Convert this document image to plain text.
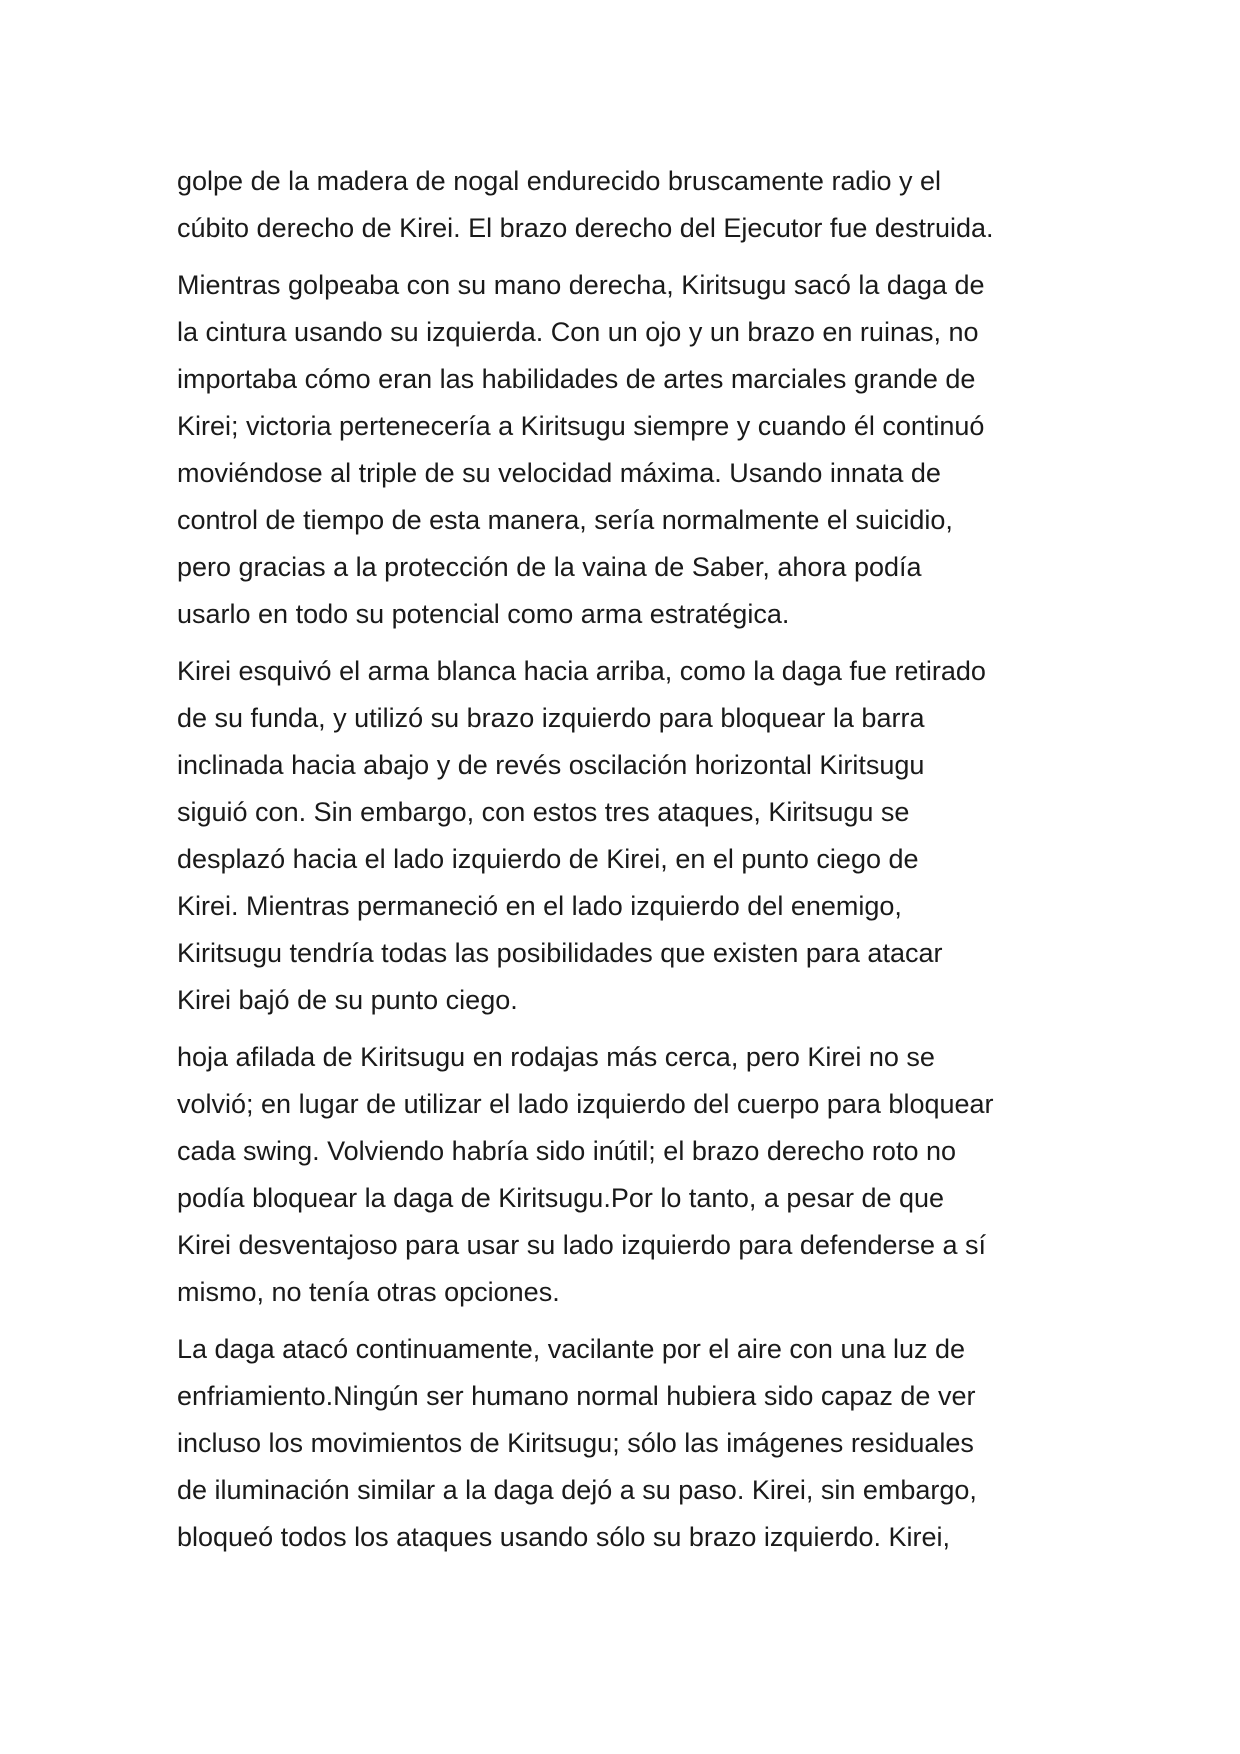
golpe de la madera de nogal endurecido bruscamente radio y el
cúbito derecho de Kirei. El brazo derecho del Ejecutor fue destruida.

Mientras golpeaba con su mano derecha, Kiritsugu sacó la daga de
la cintura usando su izquierda. Con un ojo y un brazo en ruinas, no
importaba cómo eran las habilidades de artes marciales grande de
Kirei; victoria pertenecería a Kiritsugu siempre y cuando él continuó
moviéndose al triple de su velocidad máxima. Usando innata de
control de tiempo de esta manera, sería normalmente el suicidio,
pero gracias a la protección de la vaina de Saber, ahora podía
usarlo en todo su potencial como arma estratégica.

Kirei esquivó el arma blanca hacia arriba, como la daga fue retirado
de su funda, y utilizó su brazo izquierdo para bloquear la barra
inclinada hacia abajo y de revés oscilación horizontal Kiritsugu
siguió con. Sin embargo, con estos tres ataques, Kiritsugu se
desplazó hacia el lado izquierdo de Kirei, en el punto ciego de
Kirei. Mientras permaneció en el lado izquierdo del enemigo,
Kiritsugu tendría todas las posibilidades que existen para atacar
Kirei bajó de su punto ciego.

hoja afilada de Kiritsugu en rodajas más cerca, pero Kirei no se
volvió; en lugar de utilizar el lado izquierdo del cuerpo para bloquear
cada swing. Volviendo habría sido inútil; el brazo derecho roto no
podía bloquear la daga de Kiritsugu.Por lo tanto, a pesar de que
Kirei desventajoso para usar su lado izquierdo para defenderse a sí
mismo, no tenía otras opciones.

La daga atacó continuamente, vacilante por el aire con una luz de
enfriamiento.Ningún ser humano normal hubiera sido capaz de ver
incluso los movimientos de Kiritsugu; sólo las imágenes residuales
de iluminación similar a la daga dejó a su paso. Kirei, sin embargo,
bloqueó todos los ataques usando sólo su brazo izquierdo. Kirei,
